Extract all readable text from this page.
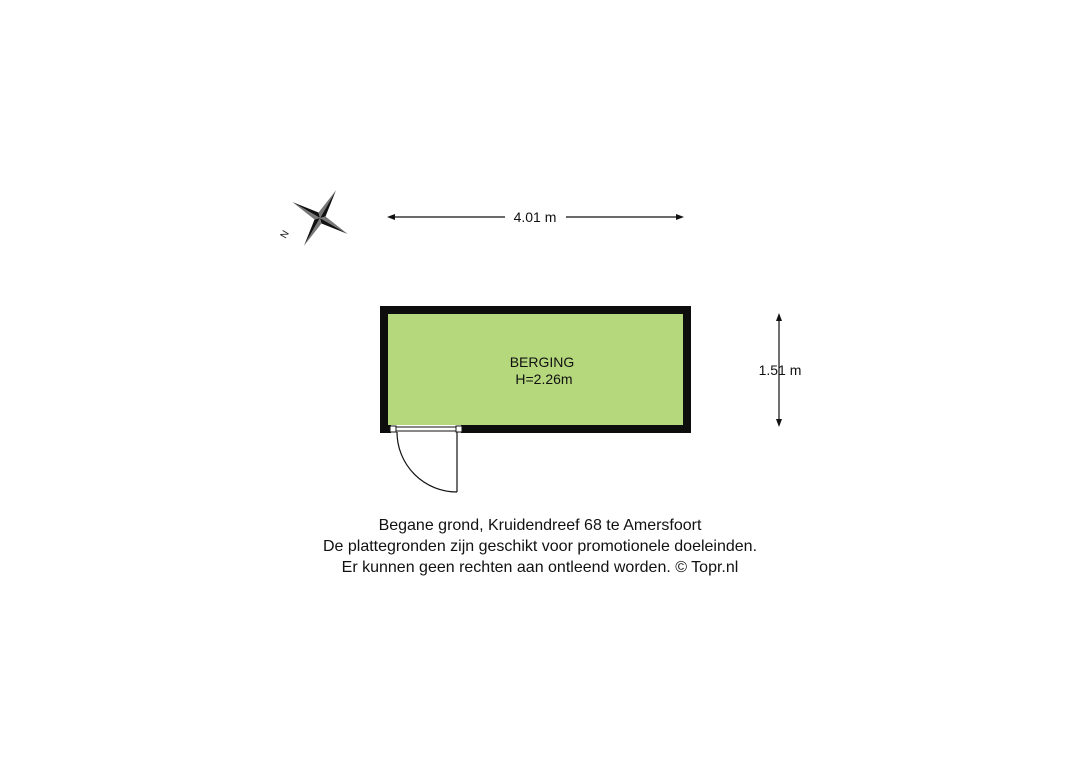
N
4.01 m
1.51 m
BERGING
H=2.26m
Begane grond, Kruidendreef 68 te Amersfoort
De plattegronden zijn geschikt voor promotionele doeleinden.
Er kunnen geen rechten aan ontleend worden. © Topr.nl
